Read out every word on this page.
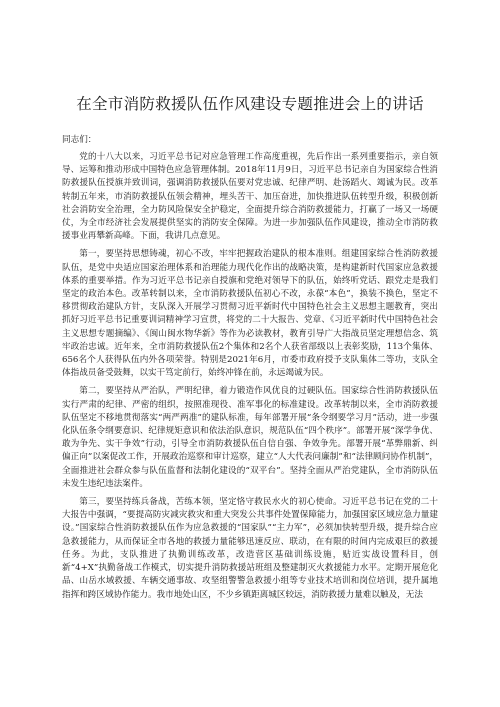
在全市消防救援队伍作风建设专题推进会上的讲话

同志们：

党的十八大以来，习近平总书记对应急管理工作高度重视，先后作出一系列重要指示，亲自领导、运筹和推动形成中国特色应急管理体制。2018年11月9日，习近平总书记亲自为国家综合性消防救援队伍授旗并致训词，强调消防救援队伍要对党忠诚、纪律严明、赴汤蹈火、竭诚为民。改革转制五年来，市消防救援队伍领会精神，埋头苦干、加压奋进，加快推进队伍转型升级，积极创新社会消防安全治理，全力防风险保安全护稳定，全面提升综合消防救援能力，打赢了一场又一场硬仗，为全市经济社会发展提供坚实的消防安全保障。为进一步加强队伍作风建设，推动全市消防救援事业再攀新高峰。下面，我讲几点意见。

第一，要坚持思想铸魂，初心不改，牢牢把握政治建队的根本准则。组建国家综合性消防救援队伍，是党中央适应国家治理体系和治理能力现代化作出的战略决策，是构建新时代国家应急救援体系的重要举措。作为习近平总书记亲自授旗和党绝对领导下的队伍，始终听党话、跟党走是我们坚定的政治本色。改革转制以来，全市消防救援队伍初心不改，永葆“本色”，换装不换色，坚定不移贯彻政治建队方针，支队深入开展学习贯彻习近平新时代中国特色社会主义思想主题教育，突出抓好习近平总书记重要训词精神学习宣贯，将党的二十大报告、党章、《习近平新时代中国特色社会主义思想专题摘编》、《闽山闽水物华新》等作为必读教材，教育引导广大指战员坚定理想信念、筑牢政治忠诚。近年来，全市消防救援队伍2个集体和2名个人获省部级以上表彰奖励，113个集体、656名个人获得队伍内外各项荣誉。特别是2021年6月，市委市政府授予支队集体二等功，支队全体指战员备受鼓舞，以实干笃定前行，始终冲锋在前，永远竭诚为民。

第二，要坚持从严治队，严明纪律，着力锻造作风优良的过硬队伍。国家综合性消防救援队伍实行严肃的纪律、严密的组织，按照准现役、准军事化的标准建设。改革转制以来，全市消防救援队伍坚定不移地贯彻落实“两严两准”的建队标准，每年部署开展“条令纲要学习月”活动，进一步强化队伍条令纲要意识、纪律规矩意识和依法治队意识，规范队伍“四个秩序”。部署开展“深学争优、敢为争先、实干争效”行动，引导全市消防救援队伍自信自强、争效争先。部署开展“革弊鼎新、纠偏正向”以案促改工作，开展政治巡察和审计巡察，建立“人大代表问廉制”和“法律顾问协作机制”，全面推进社会群众参与队伍监督和法制化建设的“双平台”。坚持全面从严治党建队，全市消防队伍未发生违纪违法案件。

第三，要坚持练兵备战，苦练本领，坚定恪守救民水火的初心使命。习近平总书记在党的二十大报告中强调，“要提高防灾减灾救灾和重大突发公共事件处置保障能力，加强国家区域应急力量建设。”国家综合性消防救援队伍作为应急救援的“国家队”“主力军”，必须加快转型升级，提升综合应急救援能力，从而保证全市各地的救援力量能够迅速反应、联动，在有限的时间内完成艰巨的救援任务。为此，支队推进了执勤训练改革，改造营区基础训练设施，贴近实战设置科目，创新“4+X”执勤备战工作模式，切实提升消防救援站班组及整建制灭火救援能力水平。定期开展危化品、山岳水域救援、车辆交通事故、攻坚组警警急救援小组等专业技术培训和岗位培训，提升属地指挥和跨区域协作能力。我市地处山区，不少乡镇距离城区较远，消防救援力量难以触及，无法
